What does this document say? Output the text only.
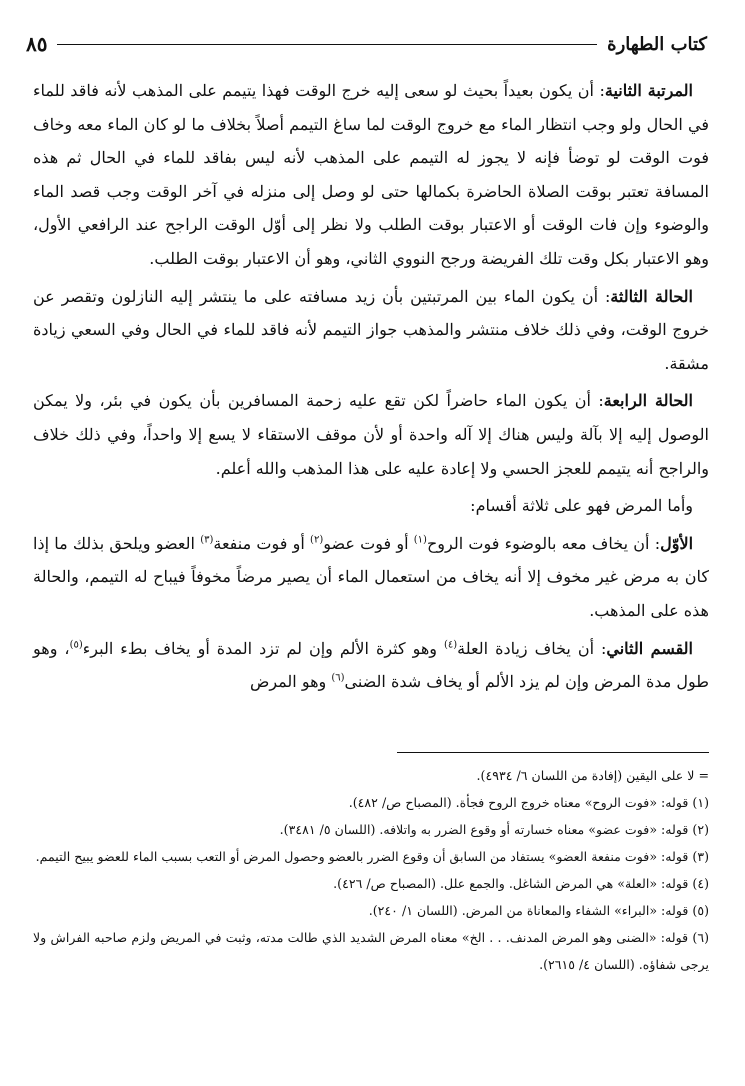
كتاب الطهارة
٨٥

المرتبة الثانية: أن يكون بعيداً بحيث لو سعى إليه خرج الوقت فهذا يتيمم على المذهب لأنه فاقد للماء في الحال ولو وجب انتظار الماء مع خروج الوقت لما ساغ التيمم أصلاً بخلاف ما لو كان الماء معه وخاف فوت الوقت لو توضأ فإنه لا يجوز له التيمم على المذهب لأنه ليس بفاقد للماء في الحال ثم هذه المسافة تعتبر بوقت الصلاة الحاضرة بكمالها حتى لو وصل إلى منزله في آخر الوقت وجب قصد الماء والوضوء وإن فات الوقت أو الاعتبار بوقت الطلب ولا نظر إلى أوّل الوقت الراجح عند الرافعي الأول، وهو الاعتبار بكل وقت تلك الفريضة ورجح النووي الثاني، وهو أن الاعتبار بوقت الطلب.

الحالة الثالثة: أن يكون الماء بين المرتبتين بأن زيد مسافته على ما ينتشر إليه النازلون وتقصر عن خروج الوقت، وفي ذلك خلاف منتشر والمذهب جواز التيمم لأنه فاقد للماء في الحال وفي السعي زيادة مشقة.

الحالة الرابعة: أن يكون الماء حاضراً لكن تقع عليه زحمة المسافرين بأن يكون في بئر، ولا يمكن الوصول إليه إلا بآلة وليس هناك إلا آله واحدة أو لأن موقف الاستقاء لا يسع إلا واحداً، وفي ذلك خلاف والراجح أنه يتيمم للعجز الحسي ولا إعادة عليه على هذا المذهب والله أعلم.

وأما المرض فهو على ثلاثة أقسام:

الأوّل: أن يخاف معه بالوضوء فوت الروح$^{(١)}$ أو فوت عضو$^{(٢)}$ أو فوت منفعة$^{(٣)}$ العضو ويلحق بذلك ما إذا كان به مرض غير مخوف إلا أنه يخاف من استعمال الماء أن يصير مرضاً مخوفاً فيباح له التيمم، والحالة هذه على المذهب.

القسم الثاني: أن يخاف زيادة العلة$^{(٤)}$ وهو كثرة الألم وإن لم تزد المدة أو يخاف بطء البرء$^{(٥)}$، وهو طول مدة المرض وإن لم يزد الألم أو يخاف شدة الضنى$^{(٦)}$ وهو المرض

= لا على اليقين (إفادة من اللسان ٦/ ٤٩٣٤).

(١) قوله: «فوت الروح» معناه خروج الروح فجأة. (المصباح ص/ ٤٨٢).

(٢) قوله: «فوت عضو» معناه خسارته أو وقوع الضرر به واتلافه. (اللسان ٥/ ٣٤٨١).

(٣) قوله: «فوت منفعة العضو» يستفاد من السابق أن وقوع الضرر بالعضو وحصول المرض أو التعب بسبب الماء للعضو يبيح التيمم.

(٤) قوله: «العلة» هي المرض الشاغل. والجمع علل. (المصباح ص/ ٤٢٦).

(٥) قوله: «البراء» الشفاء والمعاناة من المرض. (اللسان ١/ ٢٤٠).

(٦) قوله: «الضنى وهو المرض المدنف. . . الخ» معناه المرض الشديد الذي طالت مدته، وثبت في المريض ولزم صاحبه الفراش ولا يرجى شفاؤه. (اللسان ٤/ ٢٦١٥).
